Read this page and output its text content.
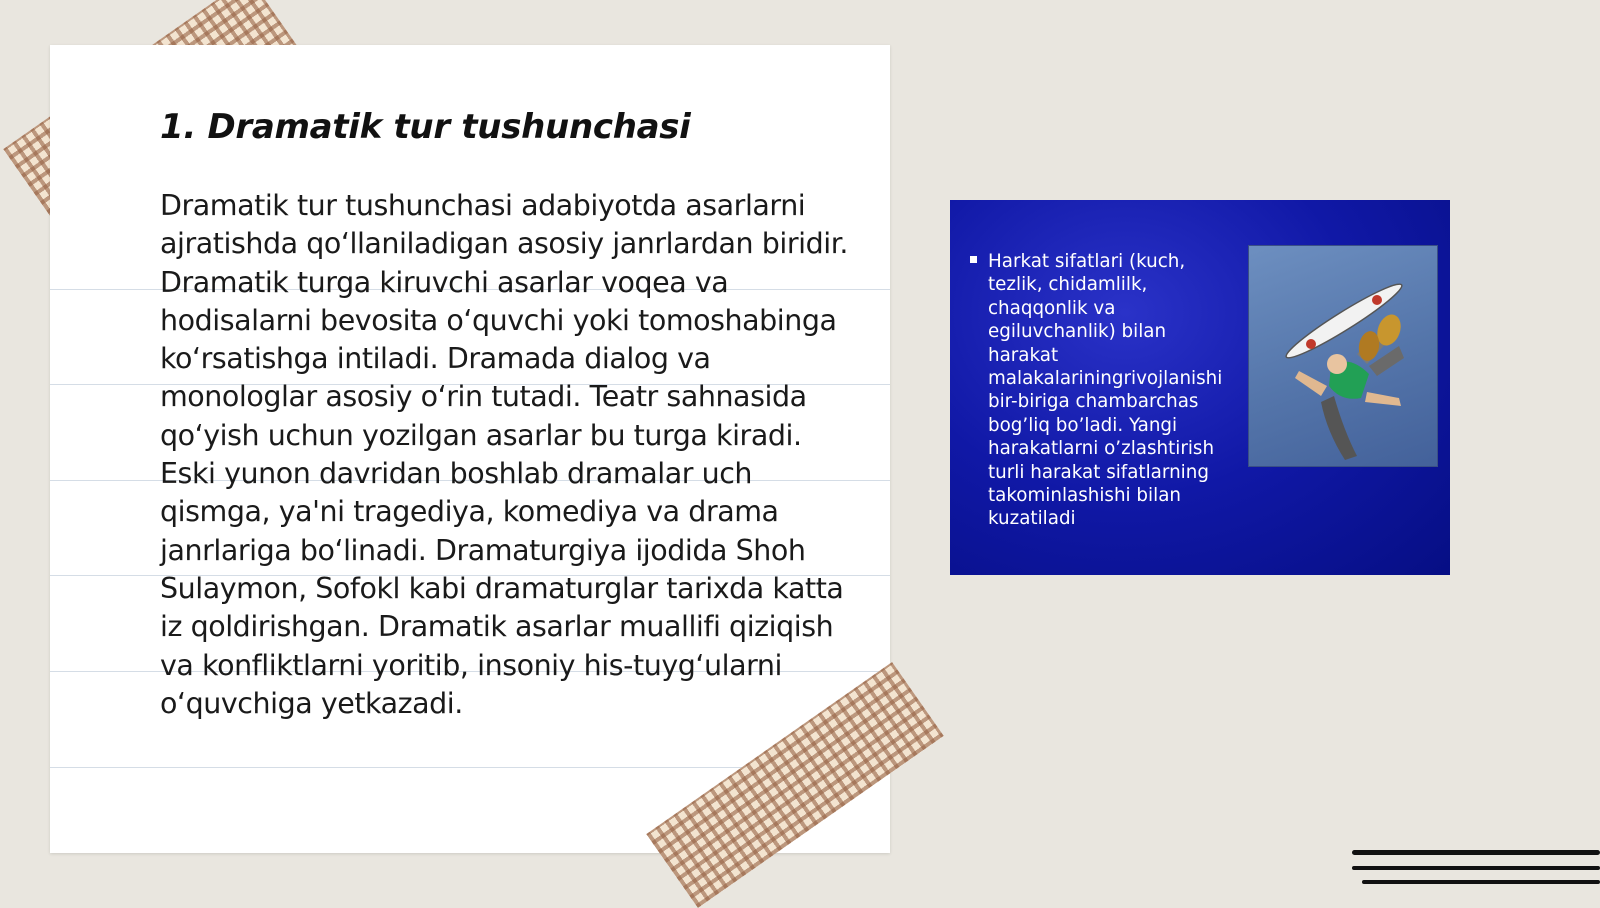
1. Dramatik tur tushunchasi

Dramatik tur tushunchasi adabiyotda asarlarni ajratishda qo‘llaniladigan asosiy janrlardan biridir. Dramatik turga kiruvchi asarlar voqea va hodisalarni bevosita o‘quvchi yoki tomoshabinga ko‘rsatishga intiladi. Dramada dialog va monologlar asosiy o‘rin tutadi. Teatr sahnasida qo‘yish uchun yozilgan asarlar bu turga kiradi. Eski yunon davridan boshlab dramalar uch qismga, ya'ni tragediya, komediya va drama janrlariga bo‘linadi. Dramaturgiya ijodida Shoh Sulaymon, Sofokl kabi dramaturglar tarixda katta iz qoldirishgan. Dramatik asarlar muallifi qiziqish va konfliktlarni yoritib, insoniy his-tuyg‘ularni o‘quvchiga yetkazadi.

Harkat sifatlari (kuch, tezlik, chidamlilk, chaqqonlik va egiluvchanlik) bilan harakat malakalariningrivojlanishi bir-biriga chambarchas bog’liq bo’ladi. Yangi harakatlarni o’zlashtirish turli harakat sifatlarning takominlashishi bilan kuzatiladi
